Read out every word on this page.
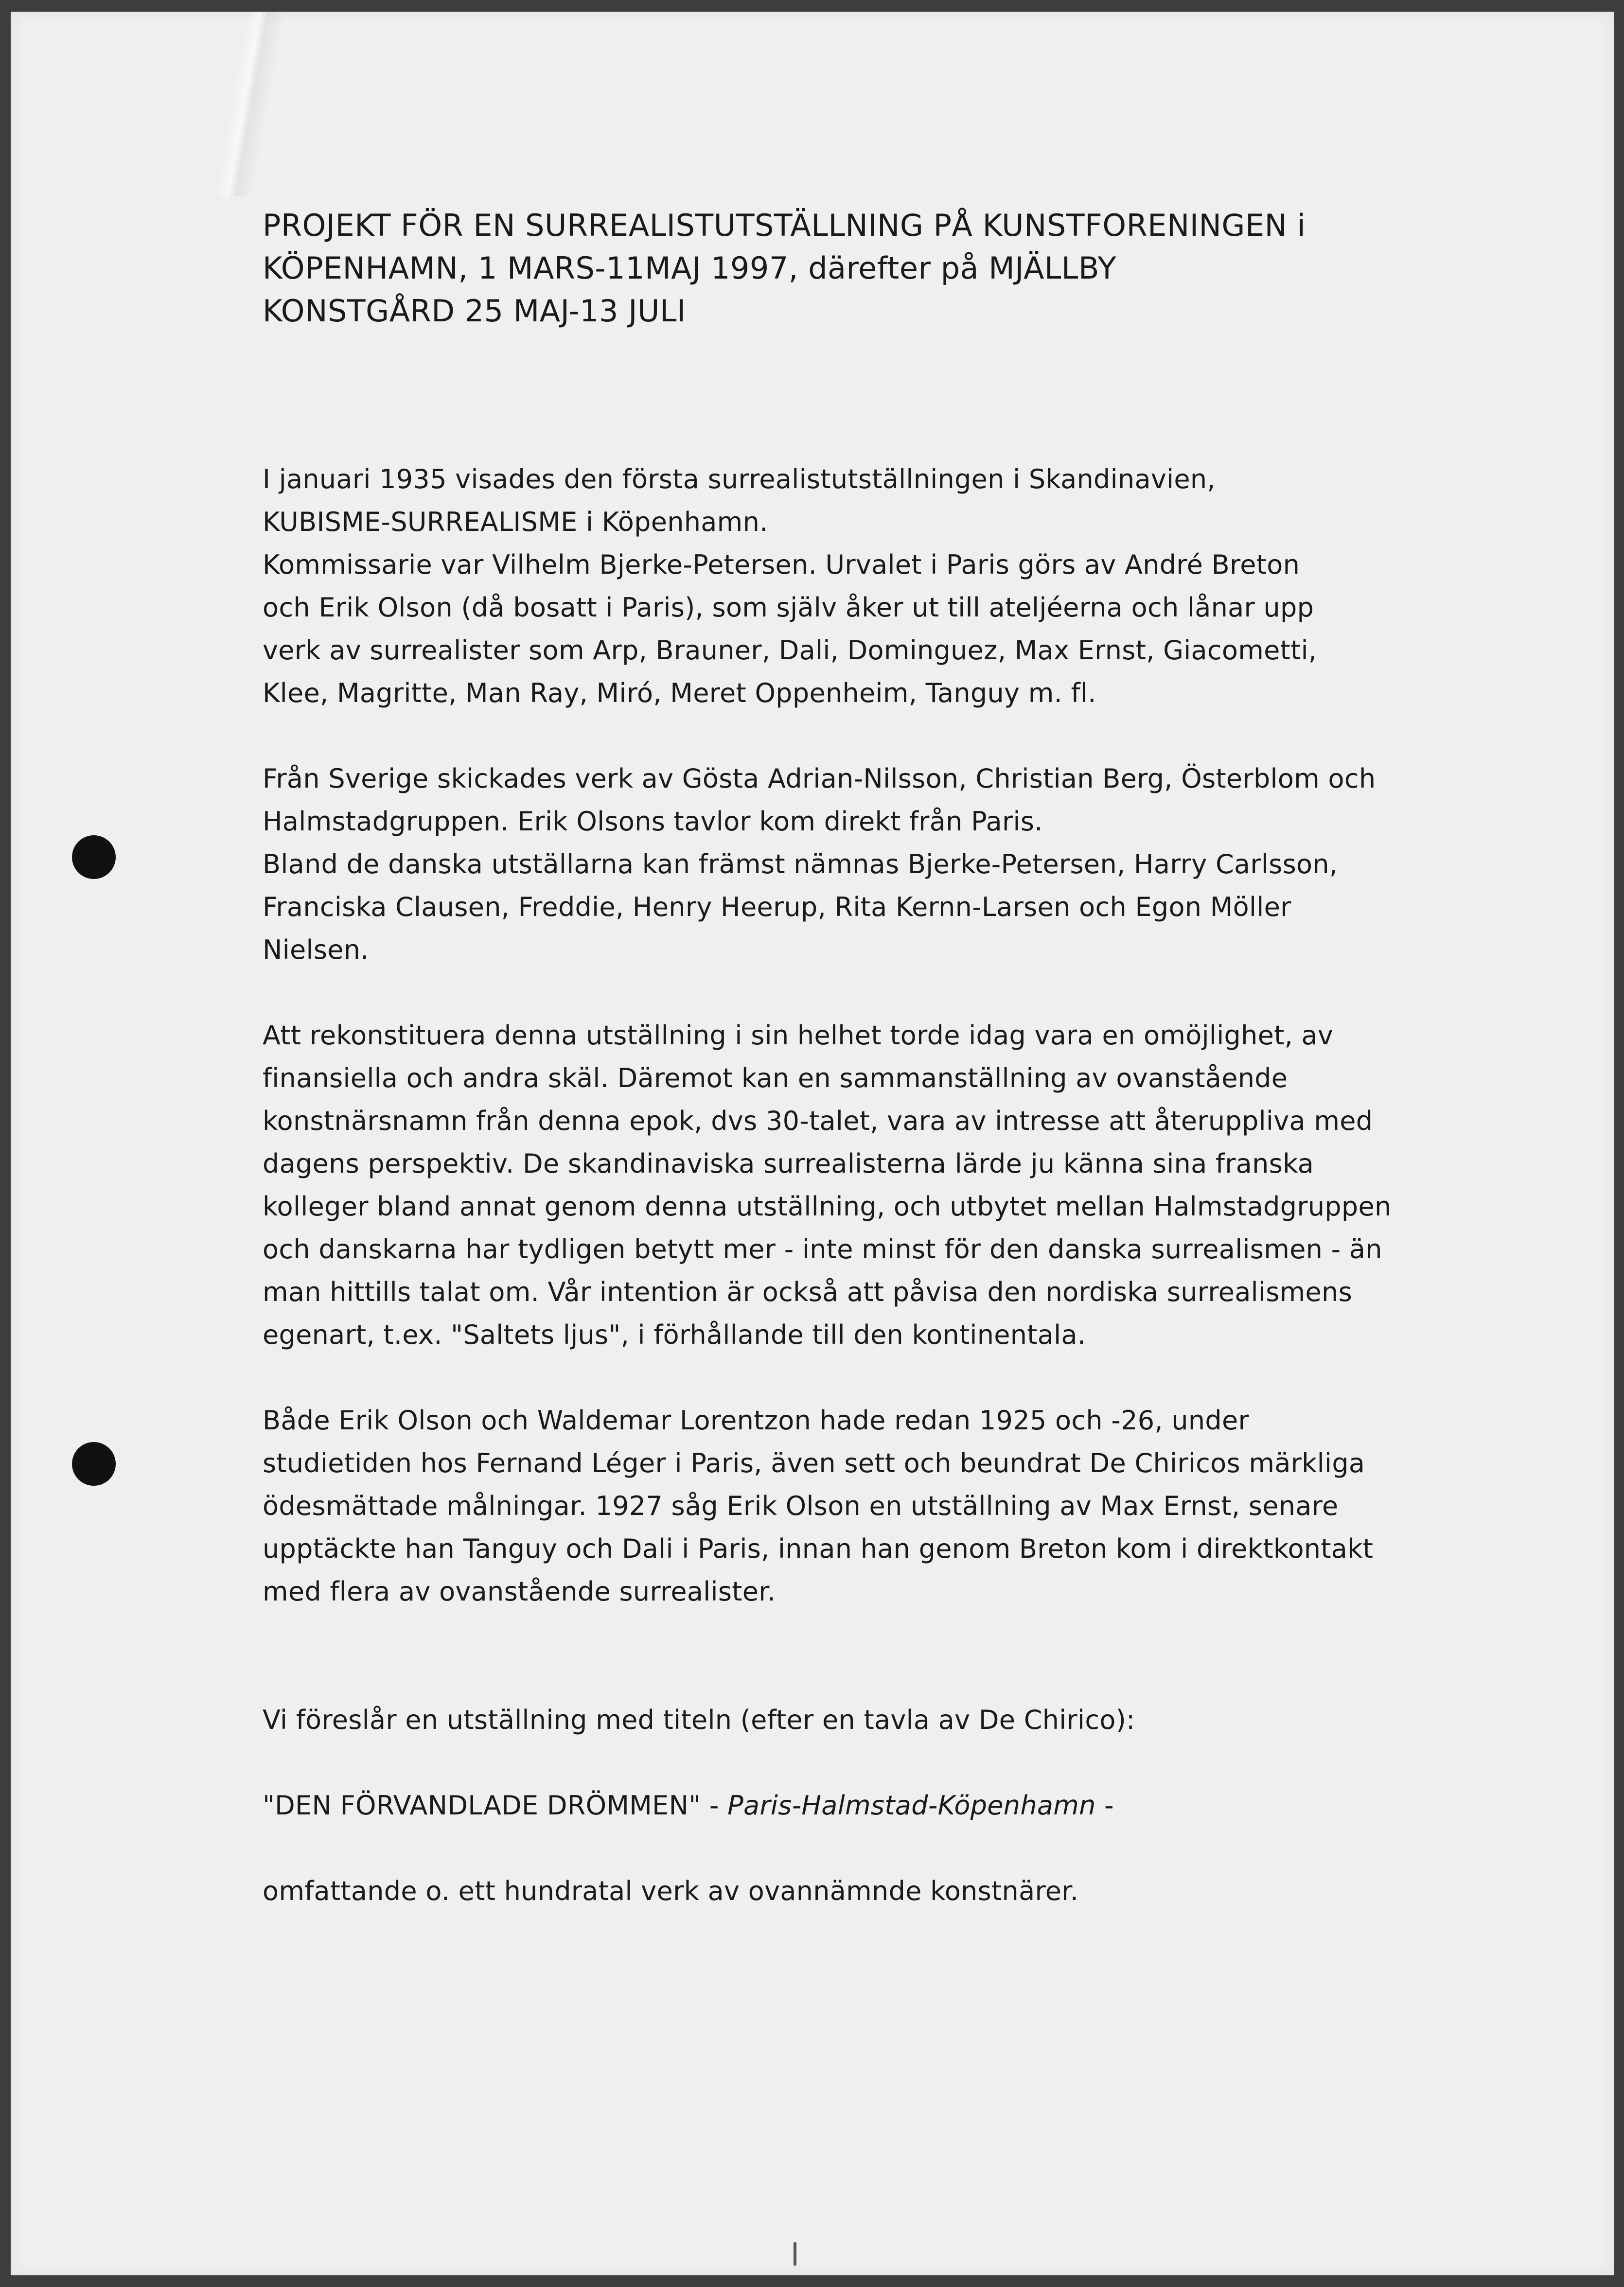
PROJEKT FÖR EN SURREALISTUTSTÄLLNING PÅ KUNSTFORENINGEN i
KÖPENHAMN, 1 MARS-11MAJ 1997, därefter på MJÄLLBY
KONSTGÅRD 25 MAJ-13 JULI
I januari 1935 visades den första surrealistutställningen i Skandinavien,
KUBISME-SURREALISME i Köpenhamn.
Kommissarie var Vilhelm Bjerke-Petersen. Urvalet i Paris görs av André Breton
och Erik Olson (då bosatt i Paris), som själv åker ut till ateljéerna och lånar upp
verk av surrealister som Arp, Brauner, Dali, Dominguez, Max Ernst, Giacometti,
Klee, Magritte, Man Ray, Miró, Meret Oppenheim, Tanguy m. fl.
Från Sverige skickades verk av Gösta Adrian-Nilsson, Christian Berg, Österblom och
Halmstadgruppen. Erik Olsons tavlor kom direkt från Paris.
Bland de danska utställarna kan främst nämnas Bjerke-Petersen, Harry Carlsson,
Franciska Clausen, Freddie, Henry Heerup, Rita Kernn-Larsen och Egon Möller
Nielsen.
Att rekonstituera denna utställning i sin helhet torde idag vara en omöjlighet, av
finansiella och andra skäl. Däremot kan en sammanställning av ovanstående
konstnärsnamn från denna epok, dvs 30-talet, vara av intresse att återuppliva med
dagens perspektiv. De skandinaviska surrealisterna lärde ju känna sina franska
kolleger bland annat genom denna utställning, och utbytet mellan Halmstadgruppen
och danskarna har tydligen betytt mer - inte minst för den danska surrealismen - än
man hittills talat om. Vår intention är också att påvisa den nordiska surrealismens
egenart, t.ex. "Saltets ljus", i förhållande till den kontinentala.
Både Erik Olson och Waldemar Lorentzon hade redan 1925 och -26, under
studietiden hos Fernand Léger i Paris, även sett och beundrat De Chiricos märkliga
ödesmättade målningar. 1927 såg Erik Olson en utställning av Max Ernst, senare
upptäckte han Tanguy och Dali i Paris, innan han genom Breton kom i direktkontakt
med flera av ovanstående surrealister.

Vi föreslår en utställning med titeln (efter en tavla av De Chirico):

"DEN FÖRVANDLADE DRÖMMEN" - Paris-Halmstad-Köpenhamn -

omfattande o. ett hundratal verk av ovannämnde konstnärer.
